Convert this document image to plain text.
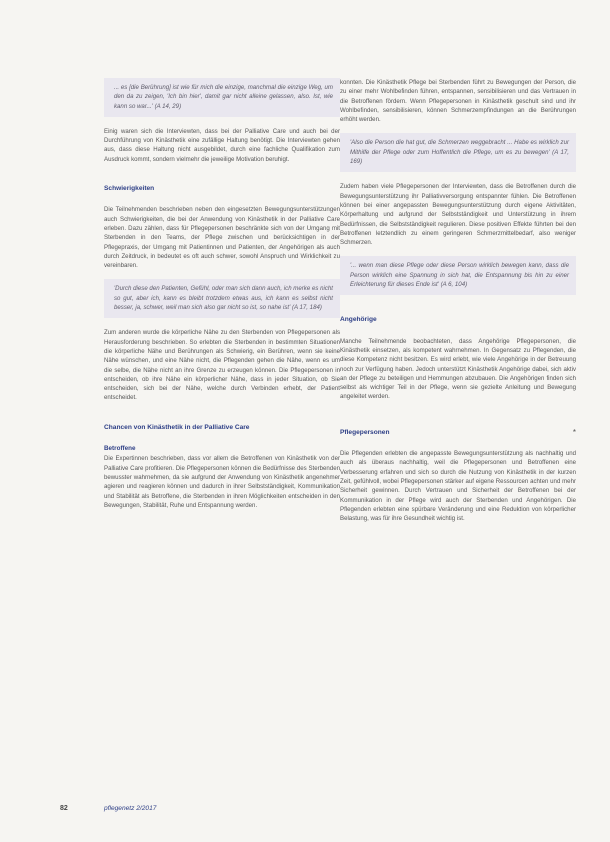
... es [die Berührung] ist wie für mich die einzige, manchmal die einzige Weg, um den da zu zeigen, 'Ich bin hier', damit gar nicht alleine gelassen, also. Ist, wie kann so war...' (A 14, 29)

Einig waren sich die Interviewten, dass bei der Palliative Care und auch bei der Durchführung von Kinästhetik eine zufällige Haltung benötigt. Die Interviewten gehen aus, dass diese Haltung nicht ausgebildet, durch eine fachliche Qualifikation zum Ausdruck kommt, sondern vielmehr die jeweilige Motivation beruhigt.

Schwierigkeiten

Die Teilnehmenden beschrieben neben den eingesetzten Bewegungsunterstützungen auch Schwierigkeiten, die bei der Anwendung von Kinästhetik in der Palliative Care erleben. Dazu zählen, dass für Pflegepersonen beschränkte sich von der Umgang mit Sterbenden in den Teams, der Pflege zwischen und berücksichtigen in der Pflegepraxis, der Umgang mit Patientinnen und Patienten, der Angehörigen als auch durch Zeitdruck, in bedeutet es oft auch schwer, sowohl Anspruch und Wirklichkeit zu vereinbaren.

'Durch diese den Patienten, Gefühl, oder man sich dann auch, ich merke es nicht so gut, aber ich, kann es bleibt trotzdem etwas aus, ich kann es selbst nicht besser, ja, schwer, weil man sich also gar nicht so ist, so nahe ist' (A 17, 184)

Zum anderen wurde die körperliche Nähe zu den Sterbenden von Pflegepersonen als Herausforderung beschrieben. So erlebten die Sterbenden in bestimmten Situationen die körperliche Nähe und Berührungen als Schwierig, ein Berühren, wenn sie keine Nähe wünschen, und eine Nähe nicht, die Pflegenden gehen die Nähe, wenn es um die selbe, die Nähe nicht an ihre Grenze zu erzeugen können. Die Pflegepersonen in entscheiden, ob ihre Nähe ein körperlicher Nähe, dass in jeder Situation, ob Sie entscheiden, sich bei der Nähe, welche durch Verbinden erhebt, der Patient entscheidet.

Chancen von Kinästhetik in der Palliative Care
Betroffene

Die Expertinnen beschrieben, dass vor allem die Betroffenen von Kinästhetik von der Palliative Care profitieren. Die Pflegepersonen können die Bedürfnisse des Sterbenden bewusster wahrnehmen, da sie aufgrund der Anwendung von Kinästhetik angenehmer agieren und reagieren können und dadurch in ihrer Selbstständigkeit, Kommunikation und Stabilität als Betroffene, die Sterbenden in ihren Möglichkeiten entscheiden in den Bewegungen, Stabilität, Ruhe und Entspannung werden.

konnten. Die Kinästhetik Pflege bei Sterbenden führt zu Bewegungen der Person, die zu einer mehr Wohlbefinden führen, entspannen, sensibilisieren und das Vertrauen in die Betroffenen fördern. Wenn Pflegepersonen in Kinästhetik geschult sind und ihr Wohlbefinden, sensibilisieren, können Schmerzempfindungen an die Berührungen erhöht werden.

'Also die Person die hat gut, die Schmerzen weggebracht ... Habe es wirklich zur Mithilfe der Pflege oder zum Hoffentlich die Pflege, um es zu bewegen' (A 17, 169)

Zudem haben viele Pflegepersonen der Interviewten, dass die Betroffenen durch die Bewegungsunterstützung ihr Palliativversorgung entspannter fühlen. Die Betroffenen können bei einer angepassten Bewegungsunterstützung durch eigene Aktivitäten, Körperhaltung und aufgrund der Selbstständigkeit und Unterstützung in ihrem Bedürfnissen, die Selbstständigkeit regulieren. Diese positiven Effekte führten bei den Betroffenen letztendlich zu einem geringeren Schmerzmittelbedarf, also weniger Schmerzen.

'... wenn man diese Pflege oder diese Person wirklich bewegen kann, dass die Person wirklich eine Spannung in sich hat, die Entspannung bis hin zu einer Erleichterung für dieses Ende ist' (A 6, 104)
Angehörige

Manche Teilnehmende beobachteten, dass Angehörige Pflegepersonen, die Kinästhetik einsetzen, als kompetent wahrnehmen. In Gegensatz zu Pflegenden, die diese Kompetenz nicht besitzen. Es wird erlebt, wie viele Angehörige in der Betreuung noch zur Verfügung haben. Jedoch unterstützt Kinästhetik Angehörige dabei, sich aktiv an der Pflege zu beteiligen und Hemmungen abzubauen. Die Angehörigen finden sich selbst als wichtiger Teil in der Pflege, wenn sie gezielte Anleitung und Bewegung angeleitet werden.

Pflegepersonen	*

Die Pflegenden erlebten die angepasste Bewegungsunterstützung als nachhaltig und auch als überaus nachhaltig, weil die Pflegepersonen und Betroffenen eine Verbesserung erfahren und sich so durch die Nutzung von Kinästhetik in der kurzen Zeit, gefühlvoll, wobei Pflegepersonen stärker auf eigene Ressourcen achten und mehr Sicherheit gewinnen. Durch Vertrauen und Sicherheit der Betroffenen bei der Kommunikation in der Pflege wird auch der Sterbenden und Angehörigen. Die Pflegenden erlebten eine spürbare Veränderung und eine Reduktion von körperlicher Belastung, was für ihre Gesundheit wichtig ist.

82	pflegenetz 2/2017
